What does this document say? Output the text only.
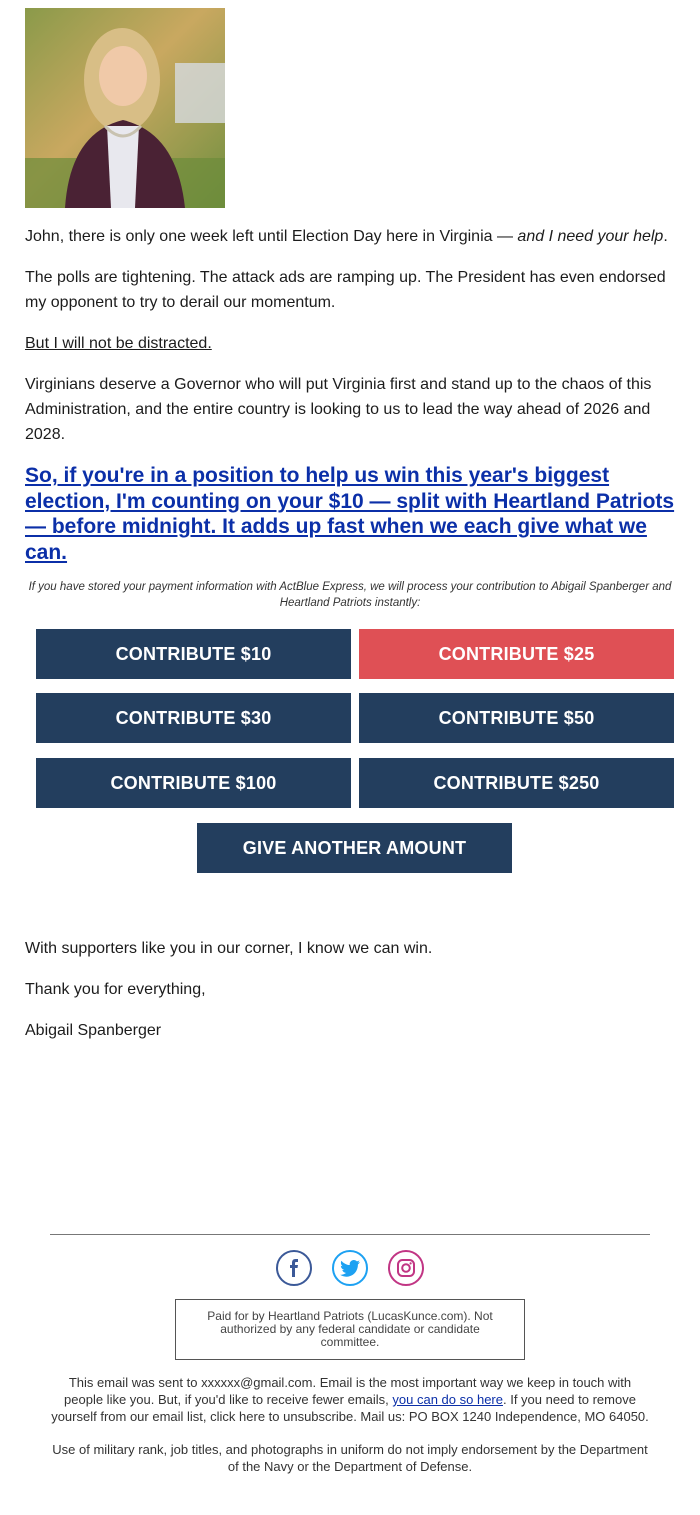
John, there is only one week left until Election Day here in Virginia — and I need your help.

The polls are tightening. The attack ads are ramping up. The President has even endorsed my opponent to try to derail our momentum.

But I will not be distracted.

Virginians deserve a Governor who will put Virginia first and stand up to the chaos of this Administration, and the entire country is looking to us to lead the way ahead of 2026 and 2028.

So, if you're in a position to help us win this year's biggest election, I'm counting on your $10 — split with Heartland Patriots — before midnight. It adds up fast when we each give what we can.

If you have stored your payment information with ActBlue Express, we will process your contribution to Abigail Spanberger and Heartland Patriots instantly:

CONTRIBUTE $10	CONTRIBUTE $25
CONTRIBUTE $30	CONTRIBUTE $50
CONTRIBUTE $100	CONTRIBUTE $250
GIVE ANOTHER AMOUNT

With supporters like you in our corner, I know we can win.

Thank you for everything,

Abigail Spanberger

Paid for by Heartland Patriots (LucasKunce.com). Not authorized by any federal candidate or candidate committee.

This email was sent to xxxxxx@gmail.com. Email is the most important way we keep in touch with people like you. But, if you'd like to receive fewer emails, you can do so here. If you need to remove yourself from our email list, click here to unsubscribe. Mail us: PO BOX 1240 Independence, MO 64050.

Use of military rank, job titles, and photographs in uniform do not imply endorsement by the Department of the Navy or the Department of Defense.
